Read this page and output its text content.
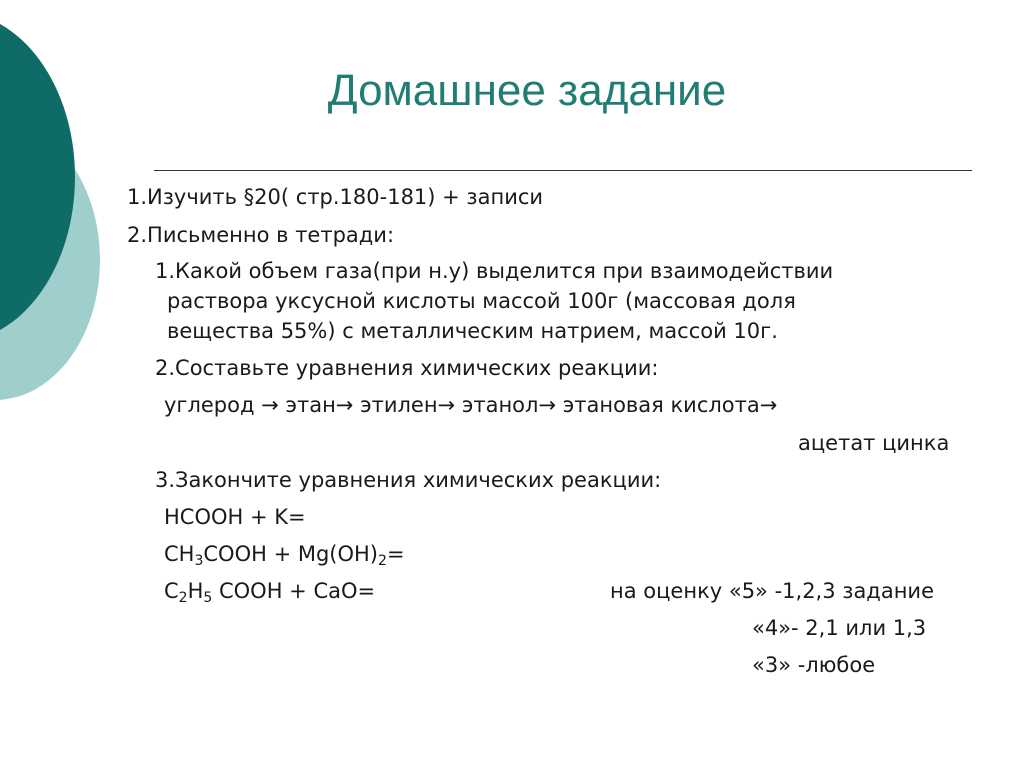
Домашнее задание
1.Изучить §20( стр.180-181) + записи
2.Письменно в тетради:
1.Какой объем газа(при н.у) выделится при взаимодействии
раствора уксусной кислоты массой 100г (массовая доля
вещества 55%) с металлическим натрием, массой 10г.
2.Составьте уравнения химических реакции:
углерод → этан→ этилен→ этанол→ этановая кислота→
ацетат цинка
3.Закончите уравнения химических реакции:
HCOOH + K=
$CH_3COOH + Mg(OH)_2=$
$C_2H_5$ COOH + CaO=	на оценку «5» -1,2,3 задание
«4»- 2,1 или 1,3
«3» -любое
